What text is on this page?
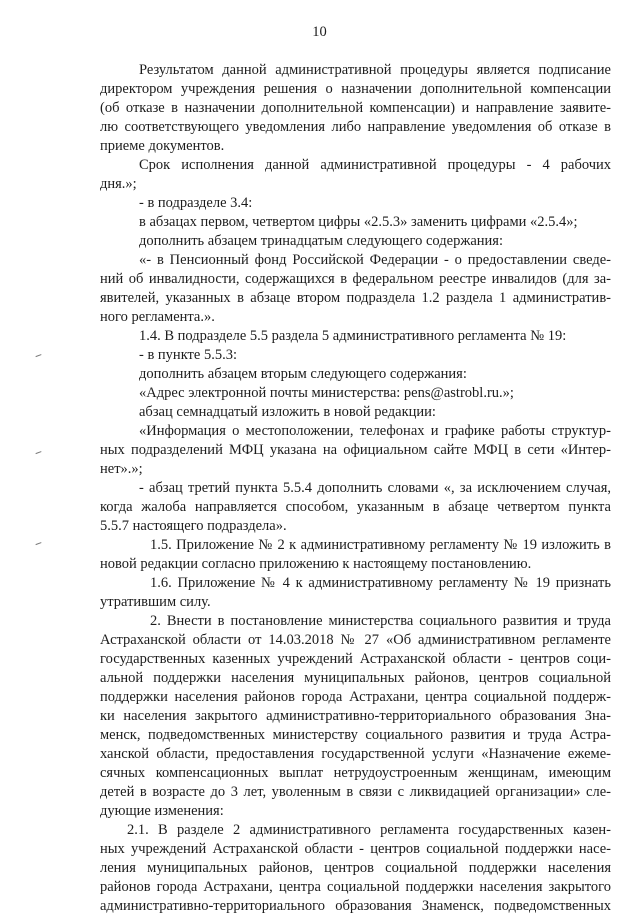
10
Результатом данной административной процедуры является подписание
директором учреждения решения о назначении дополнительной компенсации
(об отказе в назначении дополнительной компенсации) и направление заявите-
лю соответствующего уведомления либо направление уведомления об отказе в
приеме документов.
Срок исполнения данной административной процедуры - 4 рабочих
дня.»;
- в подразделе 3.4:
в абзацах первом, четвертом цифры «2.5.3» заменить цифрами «2.5.4»;
дополнить абзацем тринадцатым следующего содержания:
«- в Пенсионный фонд Российской Федерации - о предоставлении сведе-
ний об инвалидности, содержащихся в федеральном реестре инвалидов (для за-
явителей, указанных в абзаце втором подраздела 1.2 раздела 1 административ-
ного регламента.».
1.4. В подразделе 5.5 раздела 5 административного регламента № 19:
- в пункте 5.5.3:
дополнить абзацем вторым следующего содержания:
«Адрес электронной почты министерства: pens@astrobl.ru.»;
абзац семнадцатый изложить в новой редакции:
«Информация о местоположении, телефонах и графике работы структур-
ных подразделений МФЦ указана на официальном сайте МФЦ в сети «Интер-
нет».»;
- абзац третий пункта 5.5.4 дополнить словами «, за исключением случая,
когда жалоба направляется способом, указанным в абзаце четвертом пункта
5.5.7 настоящего подраздела».
1.5. Приложение № 2 к административному регламенту № 19 изложить в
новой редакции согласно приложению к настоящему постановлению.
1.6. Приложение № 4 к административному регламенту № 19 признать
утратившим силу.
2. Внести в постановление министерства социального развития и труда
Астраханской области от 14.03.2018 № 27 «Об административном регламенте
государственных казенных учреждений Астраханской области - центров соци-
альной поддержки населения муниципальных районов, центров социальной
поддержки населения районов города Астрахани, центра социальной поддерж-
ки населения закрытого административно-территориального образования Зна-
менск, подведомственных министерству социального развития и труда Астра-
ханской области, предоставления государственной услуги «Назначение ежеме-
сячных компенсационных выплат нетрудоустроенным женщинам, имеющим
детей в возрасте до 3 лет, уволенным в связи с ликвидацией организации» сле-
дующие изменения:
2.1. В разделе 2 административного регламента государственных казен-
ных учреждений Астраханской области - центров социальной поддержки насе-
ления муниципальных районов, центров социальной поддержки населения
районов города Астрахани, центра социальной поддержки населения закрытого
административно-территориального образования Знаменск, подведомственных
